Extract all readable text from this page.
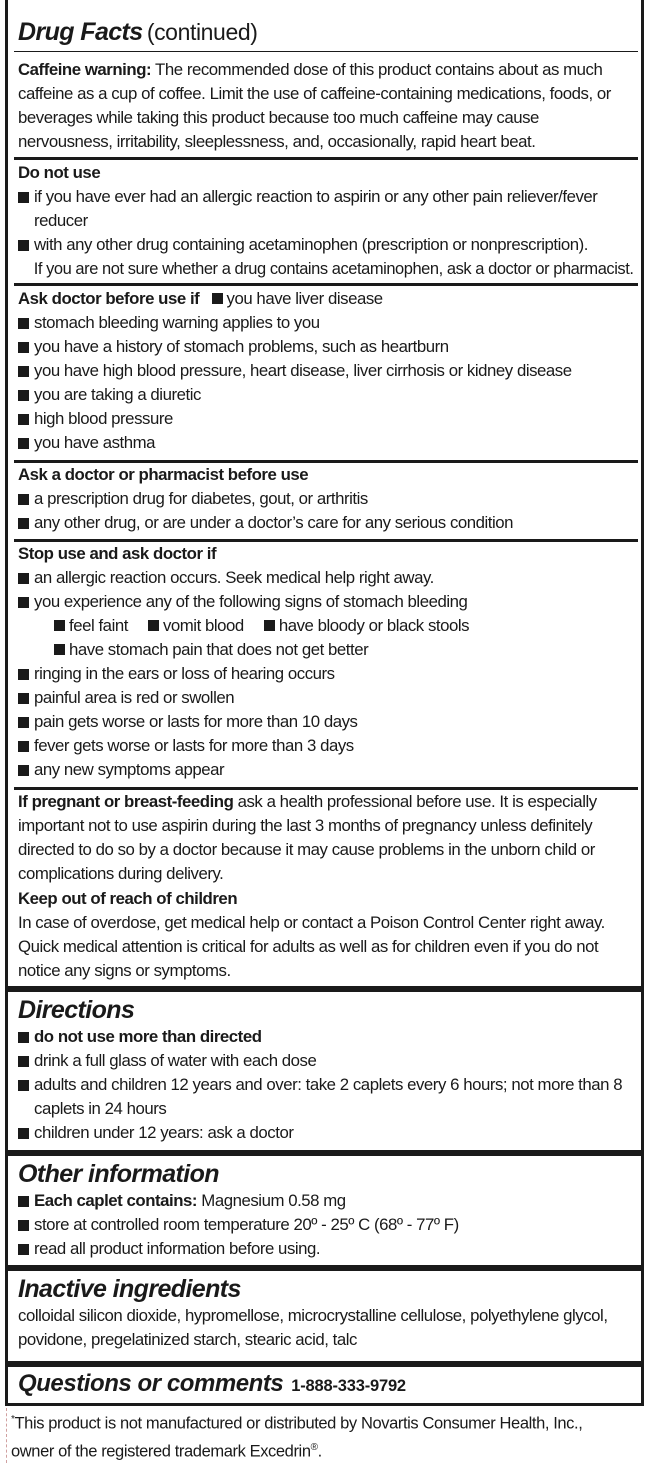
Drug Facts (continued)
Caffeine warning: The recommended dose of this product contains about as much caffeine as a cup of coffee. Limit the use of caffeine-containing medications, foods, or beverages while taking this product because too much caffeine may cause nervousness, irritability, sleeplessness, and, occasionally, rapid heart beat.
Do not use
if you have ever had an allergic reaction to aspirin or any other pain reliever/fever reducer
with any other drug containing acetaminophen (prescription or nonprescription).
If you are not sure whether a drug contains acetaminophen, ask a doctor or pharmacist.
Ask doctor before use if you have liver disease
stomach bleeding warning applies to you
you have a history of stomach problems, such as heartburn
you have high blood pressure, heart disease, liver cirrhosis or kidney disease
you are taking a diuretic
high blood pressure
you have asthma
Ask a doctor or pharmacist before use
a prescription drug for diabetes, gout, or arthritis
any other drug, or are under a doctor’s care for any serious condition
Stop use and ask doctor if
an allergic reaction occurs. Seek medical help right away.
you experience any of the following signs of stomach bleeding
feel faint vomit blood have bloody or black stools
have stomach pain that does not get better
ringing in the ears or loss of hearing occurs
painful area is red or swollen
pain gets worse or lasts for more than 10 days
fever gets worse or lasts for more than 3 days
any new symptoms appear
If pregnant or breast-feeding ask a health professional before use. It is especially important not to use aspirin during the last 3 months of pregnancy unless definitely directed to do so by a doctor because it may cause problems in the unborn child or complications during delivery.
Keep out of reach of children
In case of overdose, get medical help or contact a Poison Control Center right away. Quick medical attention is critical for adults as well as for children even if you do not notice any signs or symptoms.
Directions
do not use more than directed
drink a full glass of water with each dose
adults and children 12 years and over: take 2 caplets every 6 hours; not more than 8 caplets in 24 hours
children under 12 years: ask a doctor
Other information
Each caplet contains: Magnesium 0.58 mg
store at controlled room temperature 20º - 25º C (68º - 77º F)
read all product information before using.
Inactive ingredients
colloidal silicon dioxide, hypromellose, microcrystalline cellulose, polyethylene glycol, povidone, pregelatinized starch, stearic acid, talc
Questions or comments 1-888-333-9792
*This product is not manufactured or distributed by Novartis Consumer Health, Inc.,
owner of the registered trademark Excedrin®.
